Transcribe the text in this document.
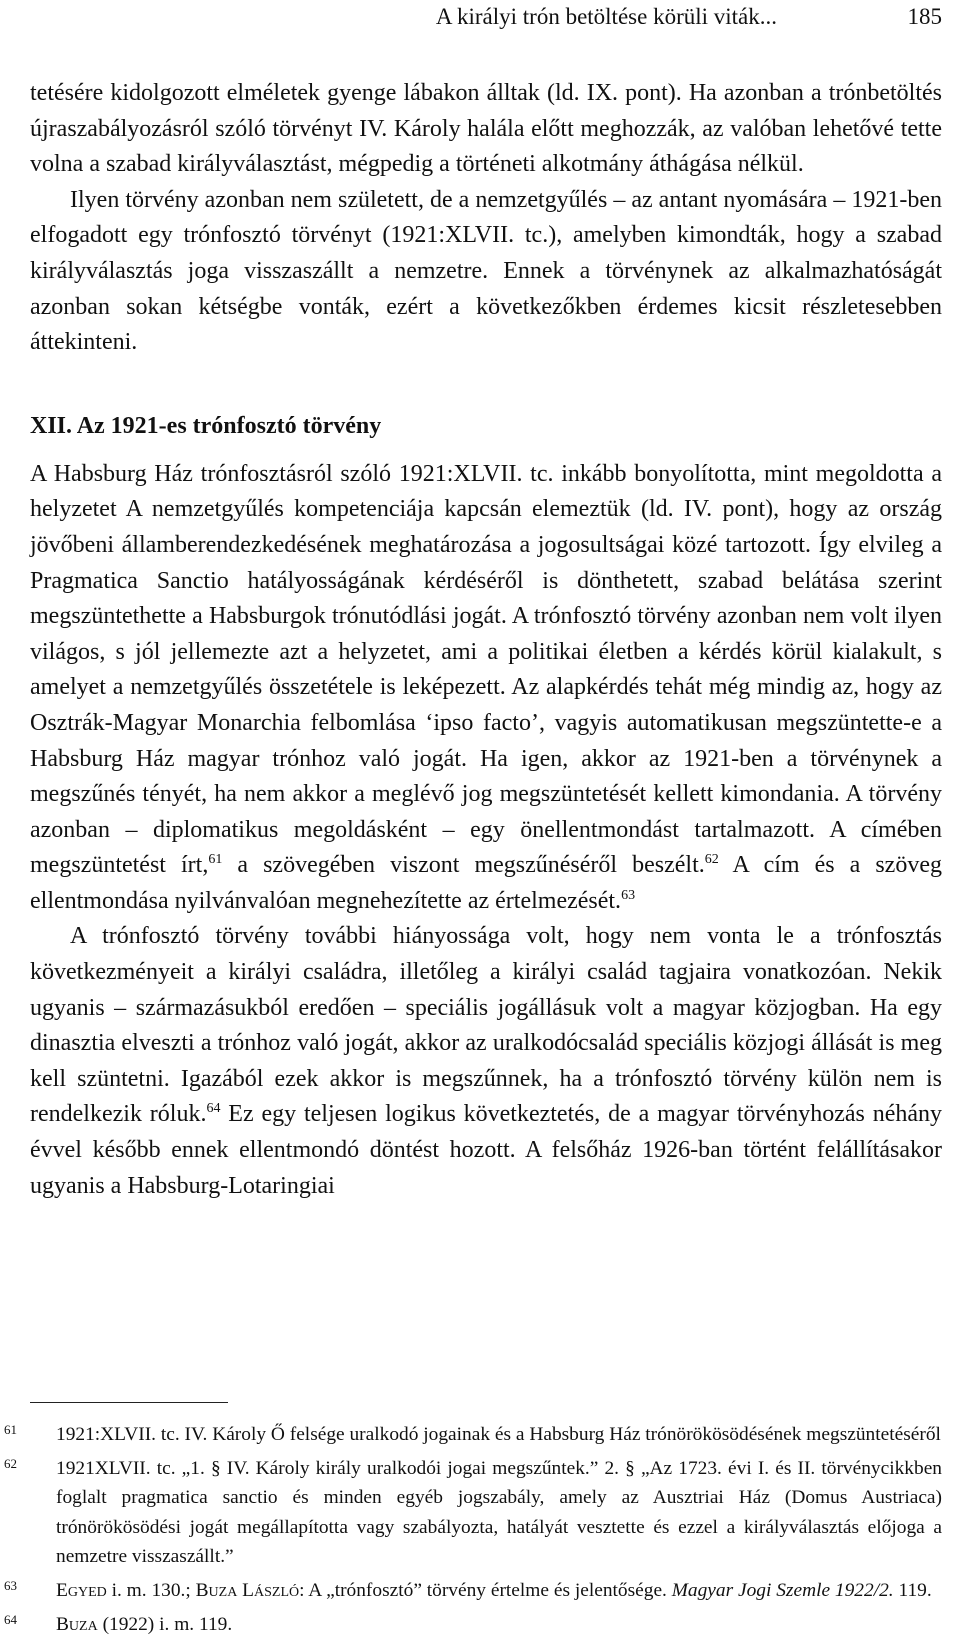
A királyi trón betöltése körüli viták...	185

tetésére kidolgozott elméletek gyenge lábakon álltak (ld. IX. pont). Ha azonban a trónbetöltés újraszabályozásról szóló törvényt IV. Károly halála előtt meghozzák, az valóban lehetővé tette volna a szabad királyválasztást, mégpedig a történeti alkotmány áthágása nélkül.

Ilyen törvény azonban nem született, de a nemzetgyűlés – az antant nyomására – 1921-ben elfogadott egy trónfosztó törvényt (1921:XLVII. tc.), amelyben kimondták, hogy a szabad királyválasztás joga visszaszállt a nemzetre. Ennek a törvénynek az alkalmazhatóságát azonban sokan kétségbe vonták, ezért a következőkben érdemes kicsit részletesebben áttekinteni.

XII. Az 1921-es trónfosztó törvény

A Habsburg Ház trónfosztásról szóló 1921:XLVII. tc. inkább bonyolította, mint megoldotta a helyzetet A nemzetgyűlés kompetenciája kapcsán elemeztük (ld. IV. pont), hogy az ország jövőbeni államberendezkedésének meghatározása a jogosultságai közé tartozott. Így elvileg a Pragmatica Sanctio hatályosságának kérdéséről is dönthetett, szabad belátása szerint megszüntethette a Habsburgok trónutódlási jogát. A trónfosztó törvény azonban nem volt ilyen világos, s jól jellemezte azt a helyzetet, ami a politikai életben a kérdés körül kialakult, s amelyet a nemzetgyűlés összetétele is leképezett. Az alapkérdés tehát még mindig az, hogy az Osztrák-Magyar Monarchia felbomlása ‘ipso facto’, vagyis automatikusan megszüntette-e a Habsburg Ház magyar trónhoz való jogát. Ha igen, akkor az 1921-ben a törvénynek a megszűnés tényét, ha nem akkor a meglévő jog megszüntetését kellett kimondania. A törvény azonban – diplomatikus megoldásként – egy önellentmondást tartalmazott. A címében megszüntetést írt,$^{61}$ a szövegében viszont megszűnéséről beszélt.$^{62}$ A cím és a szöveg ellentmondása nyilvánvalóan megnehezítette az értelmezését.$^{63}$

A trónfosztó törvény további hiányossága volt, hogy nem vonta le a trónfosztás következményeit a királyi családra, illetőleg a királyi család tagjaira vonatkozóan. Nekik ugyanis – származásukból eredően – speciális jogállásuk volt a magyar közjogban. Ha egy dinasztia elveszti a trónhoz való jogát, akkor az uralkodócsalád speciális közjogi állását is meg kell szüntetni. Igazából ezek akkor is megszűnnek, ha a trónfosztó törvény külön nem is rendelkezik róluk.$^{64}$ Ez egy teljesen logikus következtetés, de a magyar törvényhozás néhány évvel később ennek ellentmondó döntést hozott. A felsőház 1926-ban történt felállításakor ugyanis a Habsburg-Lotaringiai

61 1921:XLVII. tc. IV. Károly Ő felsége uralkodó jogainak és a Habsburg Ház trónörökösödésének megszüntetéséről

62 1921XLVII. tc. „1. § IV. Károly király uralkodói jogai megszűntek.” 2. § „Az 1723. évi I. és II. törvénycikkben foglalt pragmatica sanctio és minden egyéb jogszabály, amely az Ausztriai Ház (Domus Austriaca) trónörökösödési jogát megállapította vagy szabályozta, hatályát vesztette és ezzel a királyválasztás előjoga a nemzetre visszaszállt.”

63 Egyed i. m. 130.; Buza László: A „trónfosztó” törvény értelme és jelentősége. Magyar Jogi Szemle 1922/2. 119.

64 Buza (1922) i. m. 119.
